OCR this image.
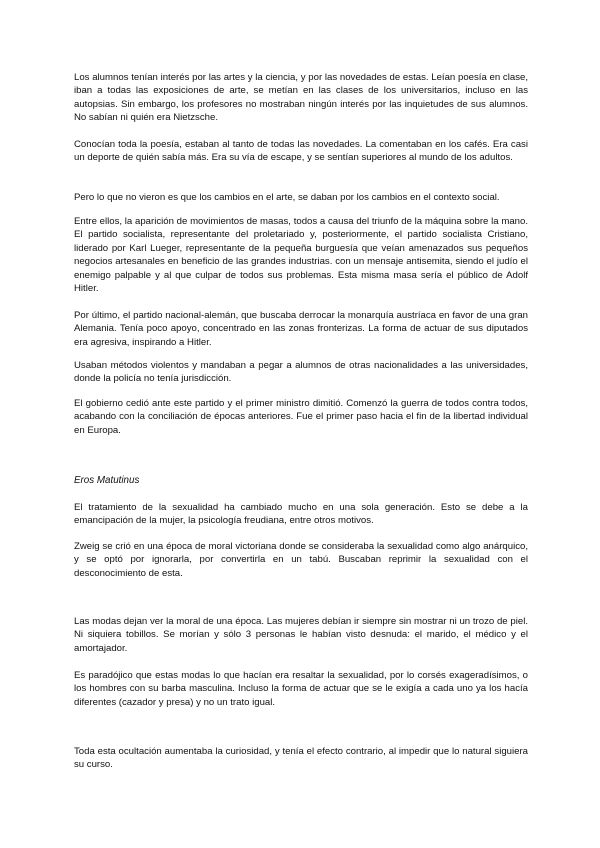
Los alumnos tenían interés por las artes y la ciencia, y por las novedades de estas. Leían poesía en clase, iban a todas las exposiciones de arte, se metían en las clases de los universitarios, incluso en las autopsias. Sin embargo, los profesores no mostraban ningún interés por las inquietudes de sus alumnos. No sabían ni quién era Nietzsche.

Conocían toda la poesía, estaban al tanto de todas las novedades. La comentaban en los cafés. Era casi un deporte de quién sabía más. Era su vía de escape, y se sentían superiores al mundo de los adultos.

Pero lo que no vieron es que los cambios en el arte, se daban por los cambios en el contexto social.

Entre ellos, la aparición de movimientos de masas, todos a causa del triunfo de la máquina sobre la mano. El partido socialista, representante del proletariado y, posteriormente, el partido socialista Cristiano, liderado por Karl Lueger, representante de la pequeña burguesía que veían amenazados sus pequeños negocios artesanales en beneficio de las grandes industrias. con un mensaje antisemita, siendo el judío el enemigo palpable y al que culpar de todos sus problemas. Esta misma masa sería el público de Adolf Hitler.

Por último, el partido nacional-alemán, que buscaba derrocar la monarquía austríaca en favor de una gran Alemania. Tenía poco apoyo, concentrado en las zonas fronterizas. La forma de actuar de sus diputados era agresiva, inspirando a Hitler.

Usaban métodos violentos y mandaban a pegar a alumnos de otras nacionalidades a las universidades, donde la policía no tenía jurisdicción.

El gobierno cedió ante este partido y el primer ministro dimitió. Comenzó la guerra de todos contra todos, acabando con la conciliación de épocas anteriores. Fue el primer paso hacia el fin de la libertad individual en Europa.

Eros Matutinus

El tratamiento de la sexualidad ha cambiado mucho en una sola generación. Esto se debe a la emancipación de la mujer, la psicología freudiana, entre otros motivos.

Zweig se crió en una época de moral victoriana donde se consideraba la sexualidad como algo anárquico, y se optó por ignorarla, por convertirla en un tabú. Buscaban reprimir la sexualidad con el desconocimiento de esta.

Las modas dejan ver la moral de una época. Las mujeres debían ir siempre sin mostrar ni un trozo de piel. Ni siquiera tobillos. Se morían y sólo 3 personas le habían visto desnuda: el marido, el médico y el amortajador.

Es paradójico que estas modas lo que hacían era resaltar la sexualidad, por lo corsés exageradísimos, o los hombres con su barba masculina. Incluso la forma de actuar que se le exigía a cada uno ya los hacía diferentes (cazador y presa) y no un trato igual.

Toda esta ocultación aumentaba la curiosidad, y tenía el efecto contrario, al impedir que lo natural siguiera su curso.
